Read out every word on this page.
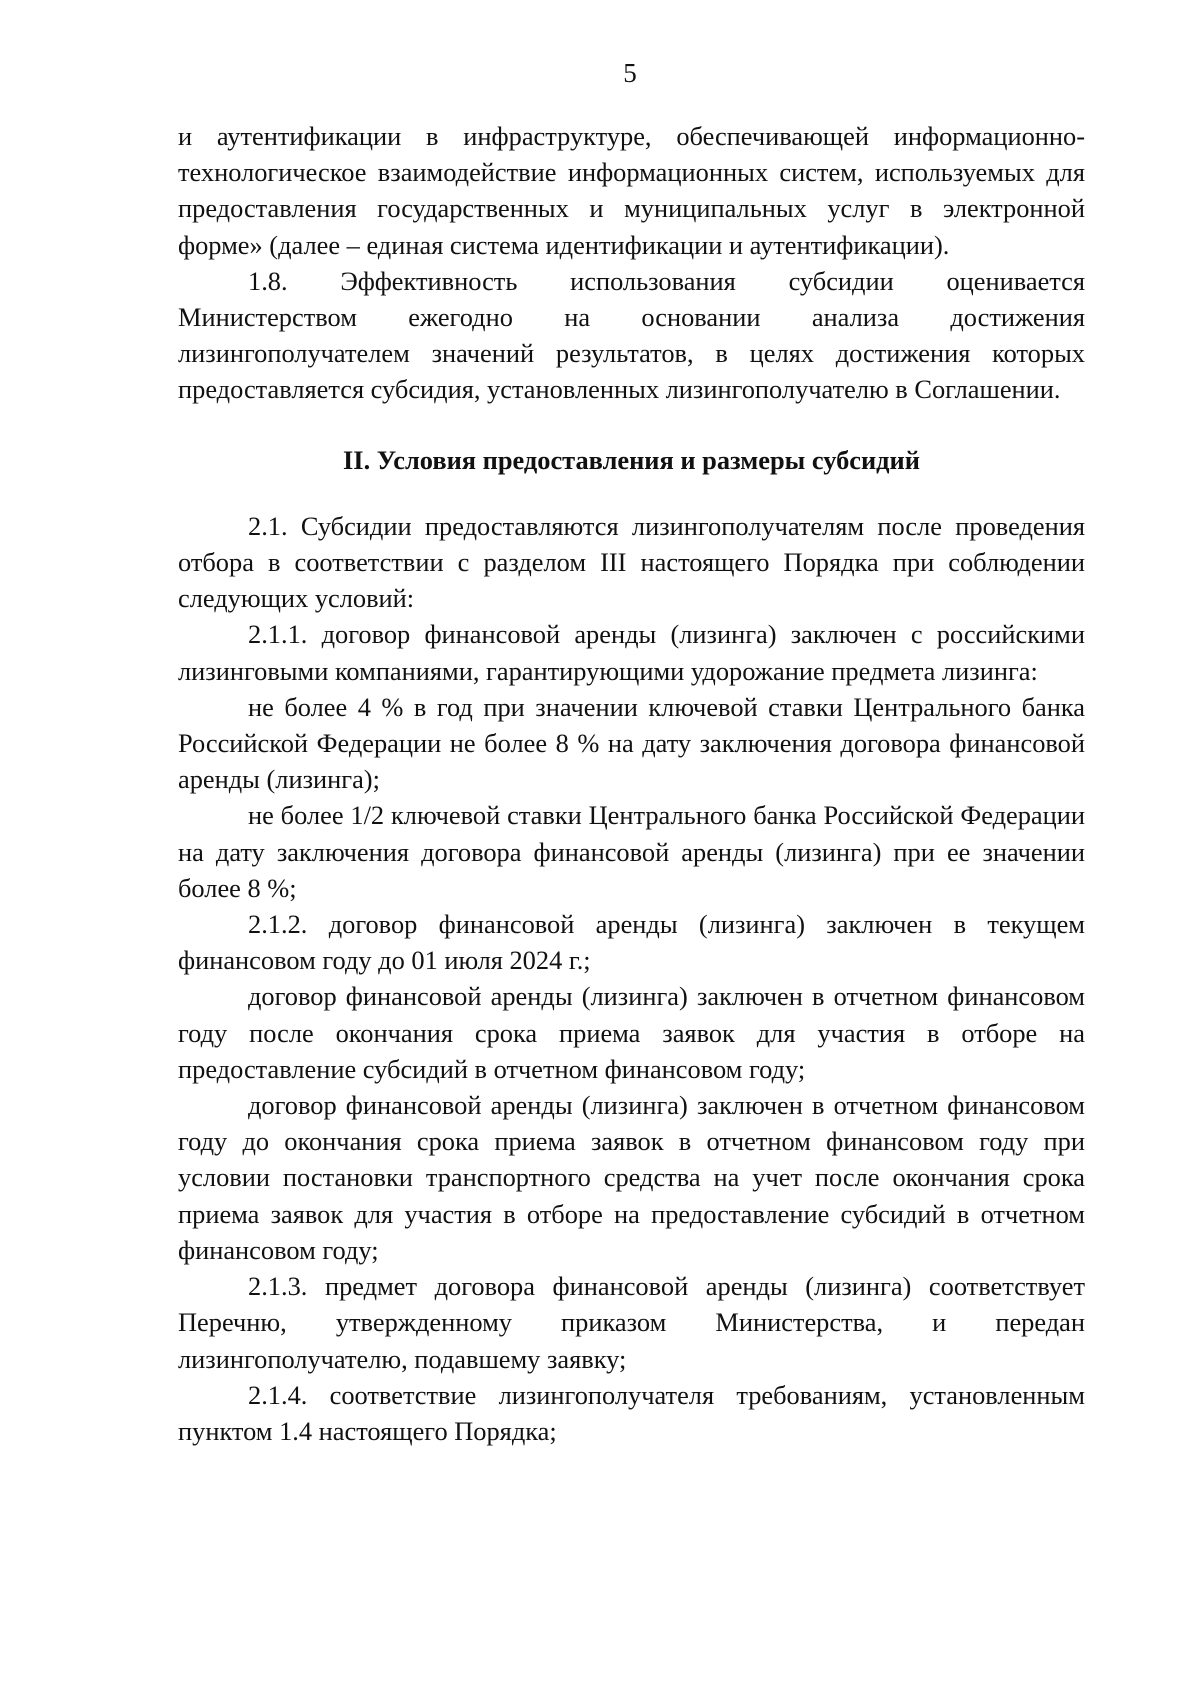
5

и аутентификации в инфраструктуре, обеспечивающей информационно-технологическое взаимодействие информационных систем, используемых для предоставления государственных и муниципальных услуг в электронной форме» (далее – единая система идентификации и аутентификации).

1.8. Эффективность использования субсидии оценивается Министерством ежегодно на основании анализа достижения лизингополучателем значений результатов, в целях достижения которых предоставляется субсидия, установленных лизингополучателю в Соглашении.

II. Условия предоставления и размеры субсидий

2.1. Субсидии предоставляются лизингополучателям после проведения отбора в соответствии с разделом III настоящего Порядка при соблюдении следующих условий:

2.1.1. договор финансовой аренды (лизинга) заключен с российскими лизинговыми компаниями, гарантирующими удорожание предмета лизинга:

не более 4 % в год при значении ключевой ставки Центрального банка Российской Федерации не более 8 % на дату заключения договора финансовой аренды (лизинга);

не более 1/2 ключевой ставки Центрального банка Российской Федерации на дату заключения договора финансовой аренды (лизинга) при ее значении более 8 %;

2.1.2. договор финансовой аренды (лизинга) заключен в текущем финансовом году до 01 июля 2024 г.;

договор финансовой аренды (лизинга) заключен в отчетном финансовом году после окончания срока приема заявок для участия в отборе на предоставление субсидий в отчетном финансовом году;

договор финансовой аренды (лизинга) заключен в отчетном финансовом году до окончания срока приема заявок в отчетном финансовом году при условии постановки транспортного средства на учет после окончания срока приема заявок для участия в отборе на предоставление субсидий в отчетном финансовом году;

2.1.3. предмет договора финансовой аренды (лизинга) соответствует Перечню, утвержденному приказом Министерства, и передан лизингополучателю, подавшему заявку;

2.1.4. соответствие лизингополучателя требованиям, установленным пунктом 1.4 настоящего Порядка;
